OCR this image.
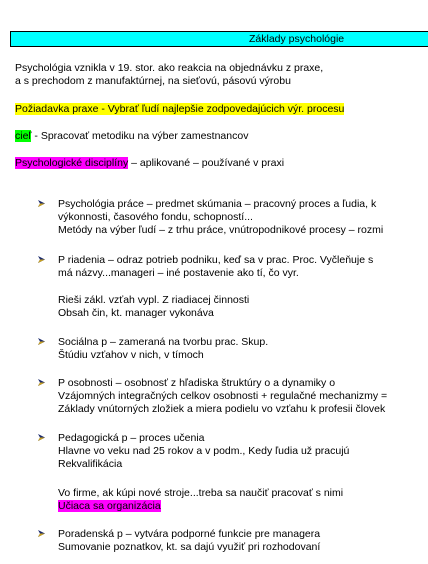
Základy psychológie
Psychológia vznikla v 19. stor. ako reakcia na objednávku z praxe,
a s prechodom z manufaktúrnej, na sieťovú, pásovú výrobu
Požiadavka praxe - Vybrať ľudí najlepšie zodpovedajúcich výr. procesu
cieľ - Spracovať metodiku na výber zamestnancov
Psychologické disciplíny – aplikované – používané v praxi
Psychológia práce – predmet skúmania – pracovný proces a ľudia, k
výkonnosti, časového fondu, schopností...
Metódy na výber ľudí – z trhu práce, vnútropodnikové procesy – rozmi
P riadenia – odraz potrieb podniku, keď sa v prac. Proc. Vyčleňuje s
má názvy...manageri – iné postavenie ako tí, čo vyr.
Rieši zákl. vzťah vypl. Z riadiacej činnosti
Obsah čin, kt. manager vykonáva
Sociálna p – zameraná na tvorbu prac. Skup.
Štúdiu vzťahov v nich, v tímoch
P osobnosti – osobnosť z hľadiska štruktúry o a dynamiky o
Vzájomných integračných celkov osobnosti + regulačné mechanizmy =
Základy vnútorných zložiek a miera podielu vo vzťahu k profesii človek
Pedagogická p – proces učenia
Hlavne vo veku nad 25 rokov a v podm., Kedy ľudia už pracujú
Rekvalifikácia
Vo firme, ak kúpi nové stroje...treba sa naučiť pracovať s nimi
Učiaca sa organizácia
Poradenská p – vytvára podporné funkcie pre managera
Sumovanie poznatkov, kt. sa dajú využiť pri rozhodovaní
